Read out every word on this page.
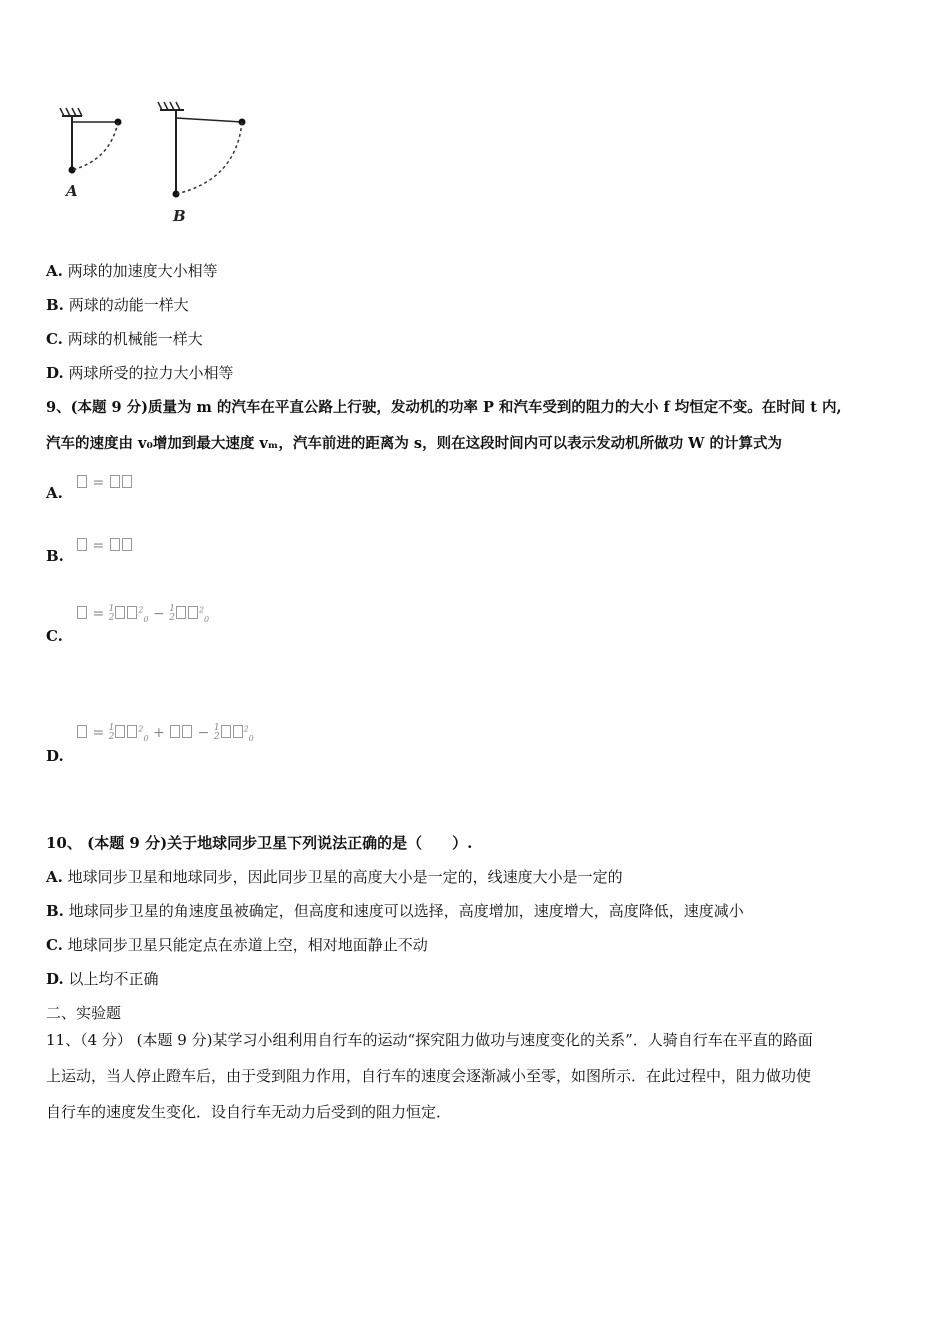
A
B
A. 两球的加速度大小相等
B. 两球的动能一样大
C. 两球的机械能一样大
D. 两球所受的拉力大小相等
9、(本题 9 分)质量为 m 的汽车在平直公路上行驶，发动机的功率 P 和汽车受到的阻力的大小 f 均恒定不变。在时间 t 内,
汽车的速度由 v₀增加到最大速度 vₘ，汽车前进的距离为 s，则在这段时间内可以表示发动机所做功 W 的计算式为
A.
=
B.
=
C.
= 1
$2^2_0 - 1$
$2^2_0$
D.
= 1
$2^2_0$ +  − 1
$2^2_0$
10、 (本题 9 分)关于地球同步卫星下列说法正确的是（　　）.
A. 地球同步卫星和地球同步，因此同步卫星的高度大小是一定的，线速度大小是一定的
B. 地球同步卫星的角速度虽被确定，但高度和速度可以选择，高度增加，速度增大，高度降低，速度减小
C. 地球同步卫星只能定点在赤道上空，相对地面静止不动
D. 以上均不正确
二、实验题
11、（4 分） (本题 9 分)某学习小组利用自行车的运动“探究阻力做功与速度变化的关系”．人骑自行车在平直的路面
上运动，当人停止蹬车后，由于受到阻力作用，自行车的速度会逐渐减小至零，如图所示．在此过程中，阻力做功使
自行车的速度发生变化．设自行车无动力后受到的阻力恒定．
